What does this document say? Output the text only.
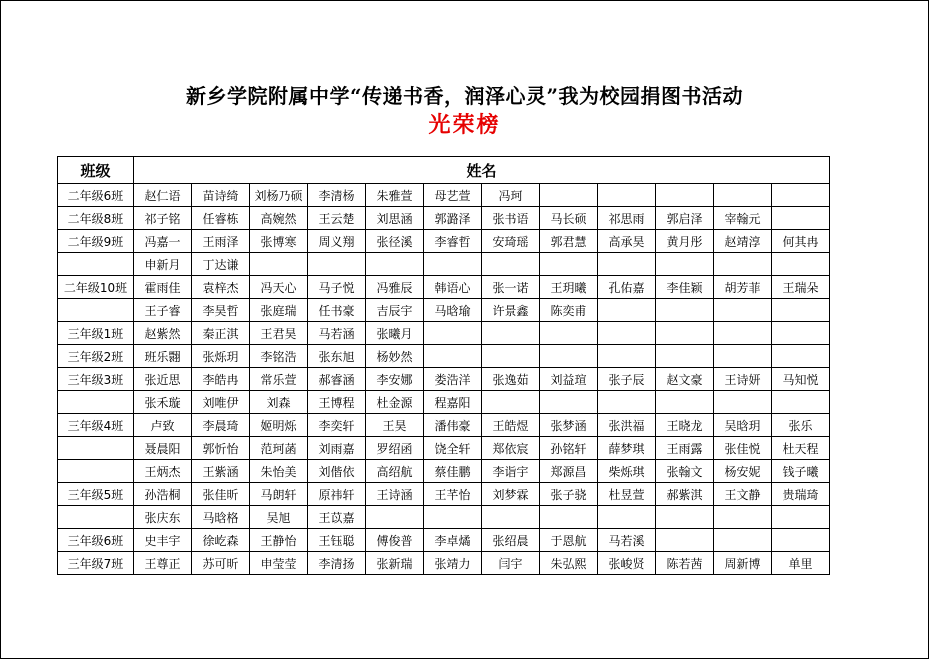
新乡学院附属中学“传递书香，润泽心灵”我为校园捐图书活动
光荣榜
班级	姓名											
二年级6班	赵仁语	苗诗绮	刘杨乃硕	李清杨	朱雅萱	母艺萱	冯珂					
二年级8班	祁子铭	任睿栋	高婉然	王云楚	刘思涵	郭潞泽	张书语	马长硕	祁思雨	郭启泽	宰翰元	
二年级9班	冯嘉一	王雨泽	张博寒	周义翔	张径溪	李睿哲	安琦瑶	郭君慧	高承昊	黄月彤	赵靖淳	何其冉
	申新月	丁达谦										
二年级10班	霍雨佳	袁梓杰	冯天心	马子悦	冯雅辰	韩语心	张一诺	王玥曦	孔佑嘉	李佳颖	胡芳菲	王瑞朵
	王子睿	李昊哲	张庭瑞	任书豪	吉辰宇	马晗瑜	许景鑫	陈奕甫				
三年级1班	赵紫然	秦正淇	王君昊	马若涵	张曦月							
三年级2班	班乐翾	张烁玥	李铭浩	张东旭	杨妙然							
三年级3班	张近思	李皓冉	常乐萱	郝睿涵	李安娜	娄浩洋	张逸茹	刘益瑄	张子辰	赵文豪	王诗妍	马知悦
	张禾璇	刘唯伊	刘森	王博程	杜金源	程嘉阳						
三年级4班	卢致	李晨琦	姬明烁	李奕轩	王昊	潘伟豪	王皓煜	张梦涵	张洪福	王晓龙	吴晗玥	张乐
	聂晨阳	郭忻怡	范珂菡	刘雨嘉	罗绍函	饶全轩	郑依宸	孙铭轩	薛梦琪	王雨露	张佳悦	杜天程
	王炳杰	王紫涵	朱怡美	刘偕依	高绍航	蔡佳鹏	李诣宇	郑源昌	柴烁琪	张翰文	杨安妮	钱子曦
三年级5班	孙浩桐	张佳昕	马朗轩	原祎轩	王诗涵	王芊怡	刘梦霖	张子骁	杜昱萱	郝紫淇	王文静	贵瑞琦
	张庆东	马晗格	吴旭	王苡嘉								
三年级6班	史丰宇	徐屹森	王静怡	王钰聪	傅俊普	李卓燏	张绍晨	于恩航	马若溪			
三年级7班	王尊正	苏可昕	申莹莹	李清扬	张新瑞	张靖力	闫宇	朱弘熙	张峻贤	陈若茜	周新博	单里
